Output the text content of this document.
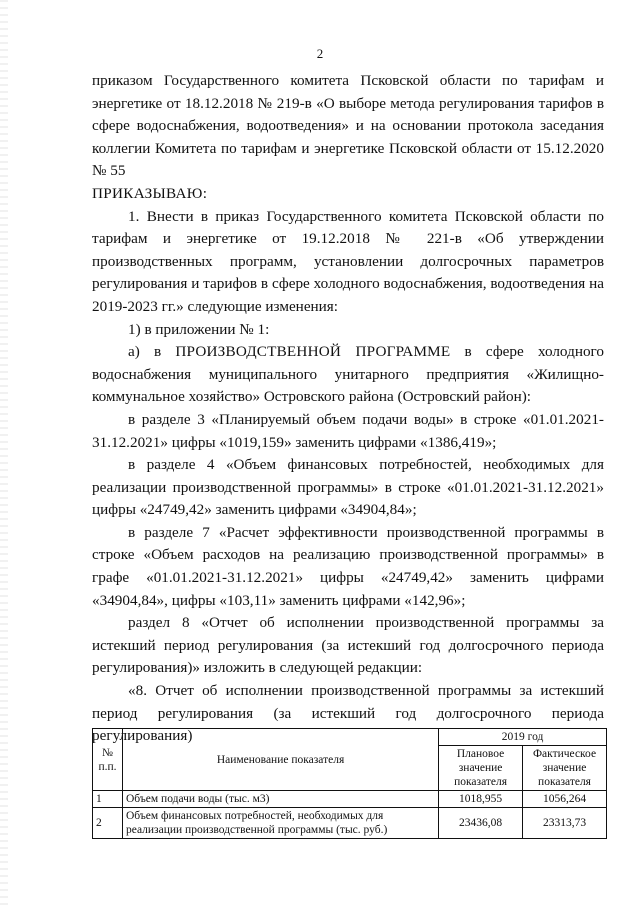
2

приказом Государственного комитета Псковской области по тарифам и энергетике от 18.12.2018 № 219-в «О выборе метода регулирования тарифов в сфере водоснабжения, водоотведения» и на основании протокола заседания коллегии Комитета по тарифам и энергетике Псковской области от 15.12.2020 № 55

ПРИКАЗЫВАЮ:

1. Внести в приказ Государственного комитета Псковской области по тарифам и энергетике от 19.12.2018 № 221-в «Об утверждении производственных программ, установлении долгосрочных параметров регулирования и тарифов в сфере холодного водоснабжения, водоотведения на 2019-2023 гг.» следующие изменения:

1) в приложении № 1:

а) в ПРОИЗВОДСТВЕННОЙ ПРОГРАММЕ в сфере холодного водоснабжения муниципального унитарного предприятия «Жилищно-коммунальное хозяйство» Островского района (Островский район):

в разделе 3 «Планируемый объем подачи воды» в строке «01.01.2021-31.12.2021» цифры «1019,159» заменить цифрами «1386,419»;

в разделе 4 «Объем финансовых потребностей, необходимых для реализации производственной программы» в строке «01.01.2021-31.12.2021» цифры «24749,42» заменить цифрами «34904,84»;

в разделе 7 «Расчет эффективности производственной программы в строке «Объем расходов на реализацию производственной программы» в графе «01.01.2021-31.12.2021» цифры «24749,42» заменить цифрами «34904,84», цифры «103,11» заменить цифрами «142,96»;

раздел 8 «Отчет об исполнении производственной программы за истекший период регулирования (за истекший год долгосрочного периода регулирования)» изложить в следующей редакции:

«8. Отчет об исполнении производственной программы за истекший период регулирования (за истекший год долгосрочного периода регулирования)

№ п.п.	Наименование показателя	2019 год	
		Плановое значение показателя	Фактическое значение показателя
1	Объем подачи воды (тыс. м3)	1018,955	1056,264
2	Объем финансовых потребностей, необходимых для реализации производственной программы (тыс. руб.)	23436,08	23313,73
